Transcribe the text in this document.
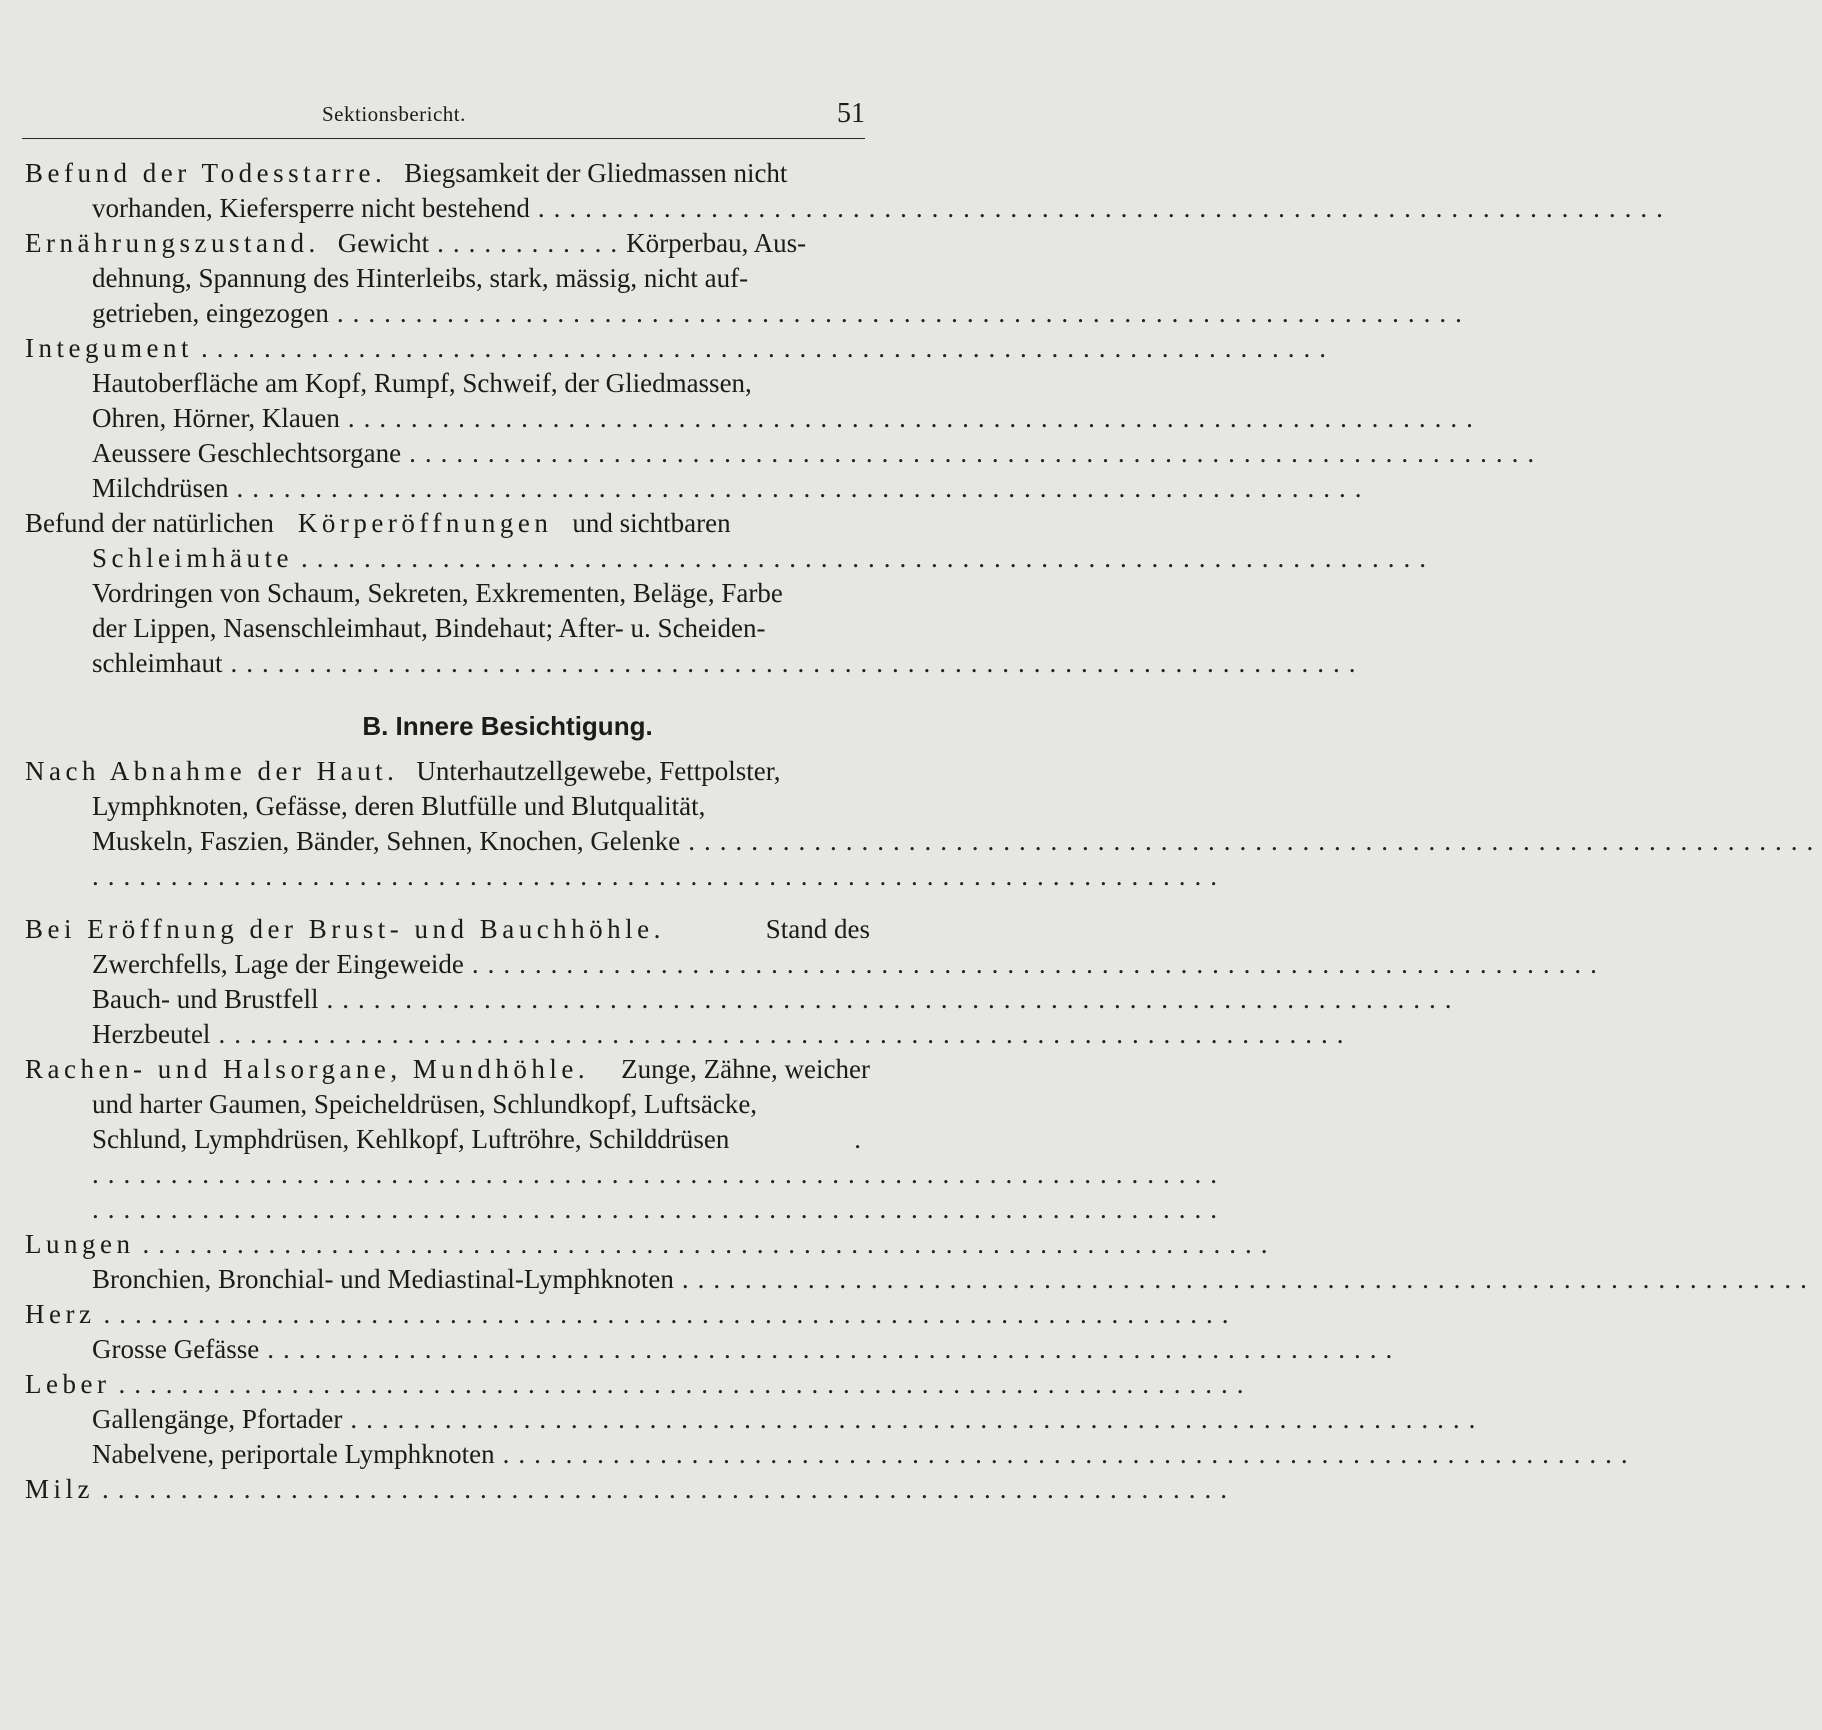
Sektionsbericht.	51
Befund der Todesstarre. Biegsamkeit der Gliedmassen nicht
vorhanden, Kiefersperre nicht bestehend ........................................................................
Ernährungszustand. Gewicht ............ Körperbau, Aus-
dehnung, Spannung des Hinterleibs, stark, mässig, nicht auf-
getrieben, eingezogen ........................................................................
Integument ........................................................................
Hautoberfläche am Kopf, Rumpf, Schweif, der Gliedmassen,
Ohren, Hörner, Klauen ........................................................................
Aeussere Geschlechtsorgane ........................................................................
Milchdrüsen ........................................................................
Befund der natürlichen Körperöffnungen und sichtbaren
Schleimhäute ........................................................................
Vordringen von Schaum, Sekreten, Exkrementen, Beläge, Farbe
der Lippen, Nasenschleimhaut, Bindehaut; After- u. Scheiden-
schleimhaut ........................................................................
B. Innere Besichtigung.
Nach Abnahme der Haut. Unterhautzellgewebe, Fettpolster,
Lymphknoten, Gefässe, deren Blutfülle und Blutqualität,
Muskeln, Faszien, Bänder, Sehnen, Knochen, Gelenke ........................................................................
........................................................................
Bei Eröffnung der Brust- und Bauchhöhle.	Stand des
Zwerchfells, Lage der Eingeweide ........................................................................
Bauch- und Brustfell ........................................................................
Herzbeutel ........................................................................
Rachen- und Halsorgane, Mundhöhle. Zunge, Zähne, weicher
und harter Gaumen, Speicheldrüsen, Schlundkopf, Luftsäcke,
Schlund, Lymphdrüsen, Kehlkopf, Luftröhre, Schilddrüsen	.
........................................................................
........................................................................
Lungen ........................................................................
Bronchien, Bronchial- und Mediastinal-Lymphknoten ........................................................................
Herz ........................................................................
Grosse Gefässe ........................................................................
Leber ........................................................................
Gallengänge, Pfortader ........................................................................
Nabelvene, periportale Lymphknoten ........................................................................
Milz ........................................................................
